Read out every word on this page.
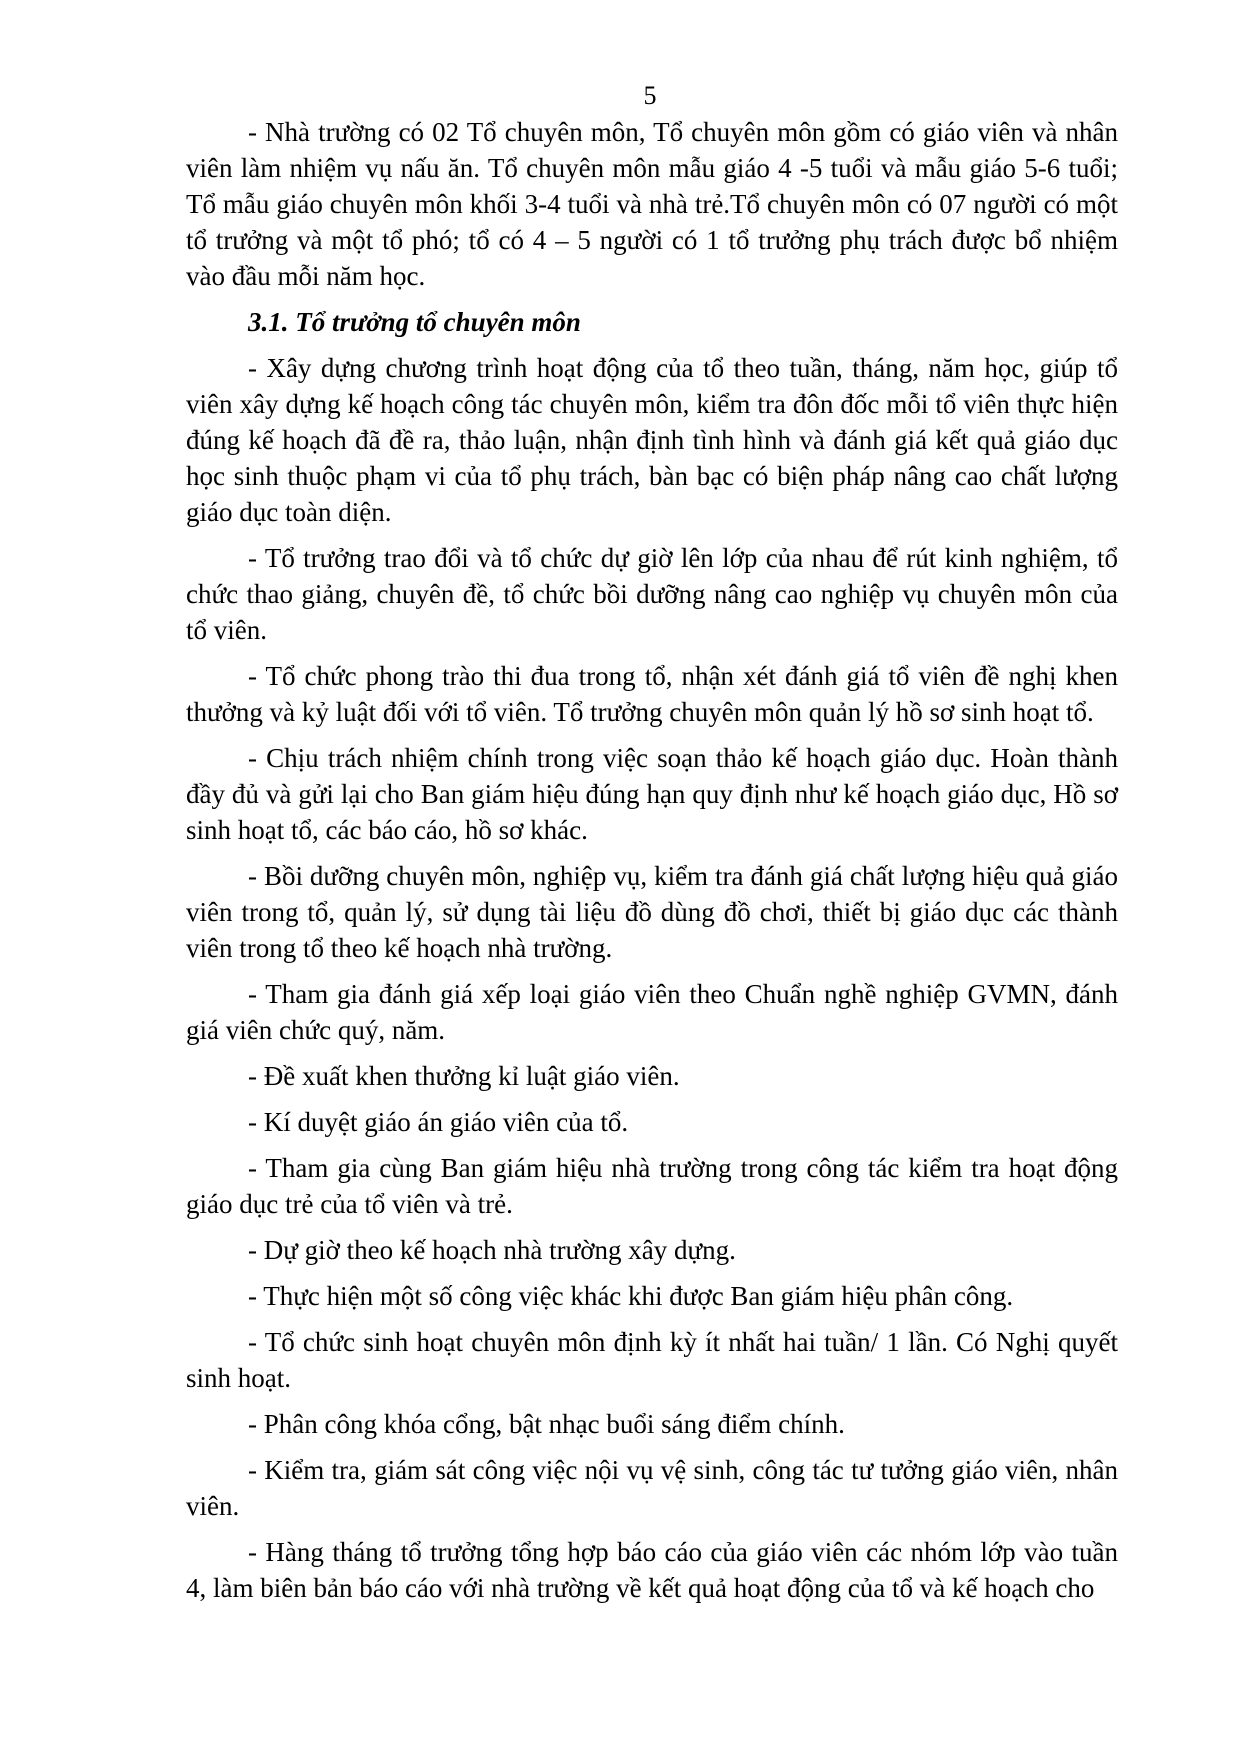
5

- Nhà trường có 02 Tổ chuyên môn, Tổ chuyên môn gồm có giáo viên và nhân viên làm nhiệm vụ nấu ăn. Tổ chuyên môn mẫu giáo 4 -5 tuổi và mẫu giáo 5-6 tuổi; Tổ mẫu giáo chuyên môn khối 3-4 tuổi và nhà trẻ.Tổ chuyên môn có 07 người có một tổ trưởng và một tổ phó; tổ có 4 – 5 người có 1 tổ trưởng phụ trách được bổ nhiệm vào đầu mỗi năm học.

3.1. Tổ trưởng tổ chuyên môn

- Xây dựng chương trình hoạt động của tổ theo tuần, tháng, năm học, giúp tổ viên xây dựng kế hoạch công tác chuyên môn, kiểm tra đôn đốc mỗi tổ viên thực hiện đúng kế hoạch đã đề ra, thảo luận, nhận định tình hình và đánh giá kết quả giáo dục học sinh thuộc phạm vi của tổ phụ trách, bàn bạc có biện pháp nâng cao chất lượng giáo dục toàn diện.

- Tổ trưởng trao đổi và tổ chức dự giờ lên lớp của nhau để rút kinh nghiệm, tổ chức thao giảng, chuyên đề, tổ chức bồi dưỡng nâng cao nghiệp vụ chuyên môn của tổ viên.

- Tổ chức phong trào thi đua trong tổ, nhận xét đánh giá tổ viên đề nghị khen thưởng và kỷ luật đối với tổ viên. Tổ trưởng chuyên môn quản lý hồ sơ sinh hoạt tổ.

- Chịu trách nhiệm chính trong việc soạn thảo kế hoạch giáo dục. Hoàn thành đầy đủ và gửi lại cho Ban giám hiệu đúng hạn quy định như kế hoạch giáo dục, Hồ sơ sinh hoạt tổ, các báo cáo, hồ sơ khác.

- Bồi dưỡng chuyên môn, nghiệp vụ, kiểm tra đánh giá chất lượng hiệu quả giáo viên trong tổ, quản lý, sử dụng tài liệu đồ dùng đồ chơi, thiết bị giáo dục các thành viên trong tổ theo kế hoạch nhà trường.

- Tham gia đánh giá xếp loại giáo viên theo Chuẩn nghề nghiệp GVMN, đánh giá viên chức quý, năm.

- Đề xuất khen thưởng kỉ luật giáo viên.

- Kí duyệt giáo án giáo viên của tổ.

- Tham gia cùng Ban giám hiệu nhà trường trong công tác kiểm tra hoạt động giáo dục trẻ của tổ viên và trẻ.

- Dự giờ theo kế hoạch nhà trường xây dựng.

- Thực hiện một số công việc khác khi được Ban giám hiệu phân công.

- Tổ chức sinh hoạt chuyên môn định kỳ ít nhất hai tuần/ 1 lần. Có Nghị quyết sinh hoạt.

- Phân công khóa cổng, bật nhạc buổi sáng điểm chính.

- Kiểm tra, giám sát công việc nội vụ vệ sinh, công tác tư tưởng giáo viên, nhân viên.

- Hàng tháng tổ trưởng tổng hợp báo cáo của giáo viên các nhóm lớp vào tuần 4, làm biên bản báo cáo với nhà trường về kết quả hoạt động của tổ và kế hoạch cho
